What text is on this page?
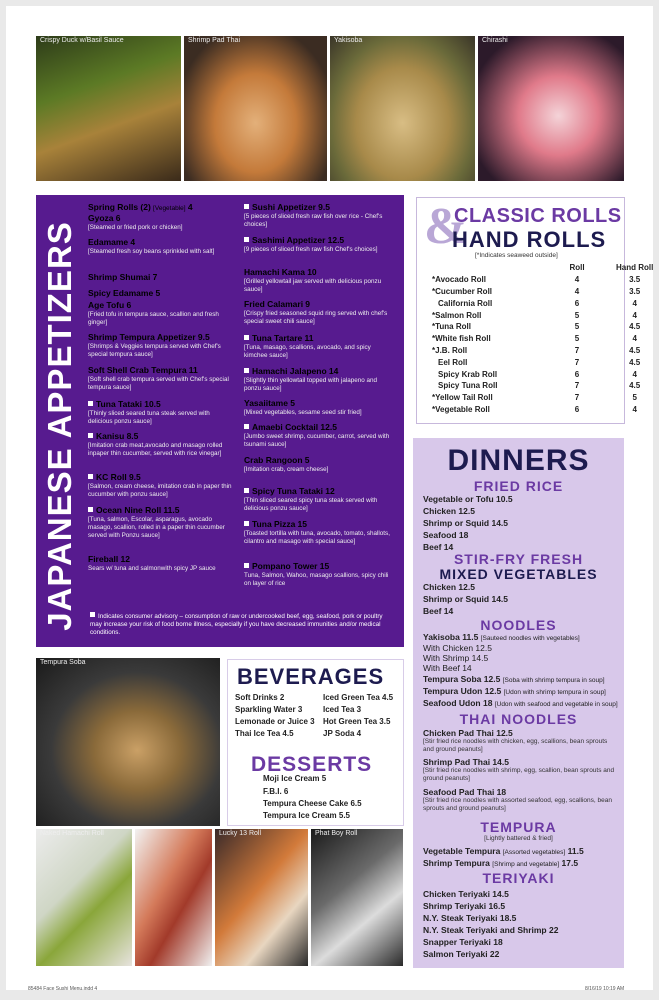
Crispy Duck w/Basil Sauce	Shrimp Pad Thai	Yakisoba	Chirashi
JAPANESE APPETIZERS
Spring Rolls (2) [Vegetable] 4
Gyoza 6
[Steamed or fried pork or chicken]
Edamame 4
[Steamed fresh soy beans sprinkled with salt]
Shrimp Shumai 7
Spicy Edamame 5
Age Tofu 6
[Fried tofu in tempura sauce, scallion and fresh ginger]
Shrimp Tempura Appetizer 9.5
[Shrimps & Veggies tempura served with Chef's special tempura sauce]
Soft Shell Crab Tempura 11
[Soft shell crab tempura served with Chef's special tempura sauce]
Tuna Tataki 10.5
[Thinly sliced seared tuna steak served with delicious ponzu sauce]
Kanisu 8.5
[Imitation crab meat,avocado and masago rolled inpaper thin cucumber, served with rice vinegar]
KC Roll 9.5
[Salmon, cream cheese, imitation crab in paper thin cucumber with ponzu sauce]
Ocean Nine Roll 11.5
[Tuna, salmon, Escolar, asparagus, avocado masago, scallion, rolled in a paper thin cucumber served with Ponzu sauce]
Fireball 12
Sears w/ tuna and salmonwith spicy JP sauce
Sushi Appetizer 9.5
[5 pieces of sliced fresh raw fish over rice - Chef's choices]
Sashimi Appetizer 12.5
[9 pieces of sliced fresh raw fish Chef's choices]
Hamachi Kama 10
[Grilled yellowtail jaw served with delicious ponzu sauce]
Fried Calamari 9
[Crispy fried seasoned squid ring served with chef's special sweet chili sauce]
Tuna Tartare 11
[Tuna, masago, scallions, avocado, and spicy kimchee sauce]
Hamachi Jalapeno 14
[Slightly thin yellowtail topped with jalapeno and ponzu sauce]
Yasaiitame 5
[Mixed vegetables, sesame seed stir fried]
Amaebi Cocktail 12.5
[Jumbo sweet shrimp, cucumber, carrot, served with tsunami sauce]
Crab Rangoon 5
[Imitation crab, cream cheese]
Spicy Tuna Tataki 12
[Thin sliced seared spicy tuna steak served with delicious ponzu sauce]
Tuna Pizza 15
[Toasted tortilla with tuna, avocado, tomato, shallots, cilantro and masago with special sauce]
Pompano Tower 15
Tuna, Salmon, Wahoo, masago scallions, spicy chili on layer of rice
Indicates consumer advisory – consumption of raw or undercooked beef, egg, seafood, pork or poultry may increase your risk of food borne illness, especially if you have decreased immunities and/or medical conditions.
&
CLASSIC ROLLS
HAND ROLLS
[*Indicates seaweed outside]
	Roll	Hand Roll
*Avocado Roll	4	3.5
*Cucumber Roll	4	3.5
California Roll	6	4
*Salmon Roll	5	4
*Tuna Roll	5	4.5
*White fish Roll	5	4
*J.B. Roll	7	4.5
Eel Roll	7	4.5
Spicy Krab Roll	6	4
Spicy Tuna Roll	7	4.5
*Yellow Tail Roll	7	5
*Vegetable Roll	6	4
DINNERS
FRIED RICE
Vegetable or Tofu 10.5
Chicken 12.5
Shrimp or Squid 14.5
Seafood 18
Beef 14
STIR-FRY FRESH
MIXED VEGETABLES
Chicken 12.5
Shrimp or Squid 14.5
Beef 14
NOODLES
Yakisoba 11.5 [Sauteed noodles with vegetables]
With Chicken 12.5
With Shrimp 14.5
With Beef 14
Tempura Soba 12.5 [Soba with shrimp tempura in soup]
Tempura Udon 12.5 [Udon with shrimp tempura in soup]
Seafood Udon 18 [Udon with seafood and vegetable in soup]
THAI NOODLES
Chicken Pad Thai 12.5
[Stir fried rice noodles with chicken, egg, scallions, bean sprouts and ground peanuts]
Shrimp Pad Thai 14.5
[Stir fried rice noodles with shrimp, egg, scallion, bean sprouts and ground peanuts]
Seafood Pad Thai 18
[Stir fried rice noodles with assorted seafood, egg, scallions, bean sprouts and ground peanuts]
TEMPURA
[Lightly battered & fried]
Vegetable Tempura [Assorted vegetables] 11.5
Shrimp Tempura [Shrimp and vegetable] 17.5
TERIYAKI
Chicken Teriyaki 14.5
Shrimp Teriyaki 16.5
N.Y. Steak Teriyaki 18.5
N.Y. Steak Teriyaki and Shrimp 22
Snapper Teriyaki 18
Salmon Teriyaki 22
Tempura Soba
BEVERAGES
Soft Drinks 2	Iced Green Tea 4.5
Sparkling Water 3	Iced Tea 3
Lemonade or Juice 3 Hot Green Tea 3.5
Thai Ice Tea 4.5	JP Soda 4
DESSERTS
Moji Ice Cream 5
F.B.I. 6
Tempura Cheese Cake 6.5
Tempura Ice Cream 5.5
Naked Hamachi Roll	Lucky 13 Roll	Phat Boy Roll
85484 Face Sushi Menu.indd 4	8/16/19 10:19 AM
